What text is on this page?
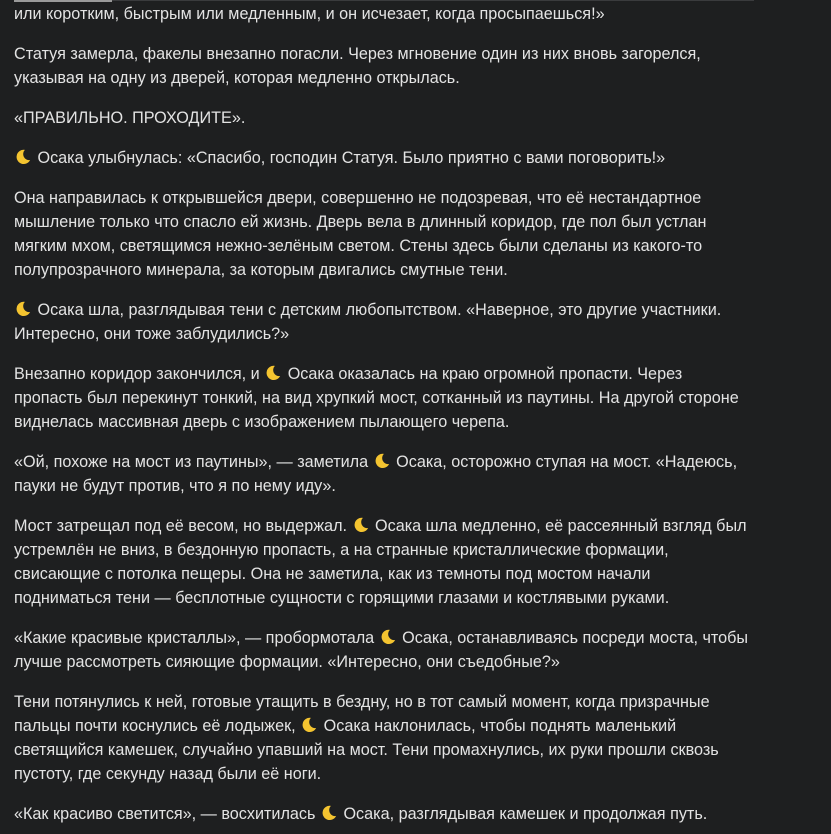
или коротким, быстрым или медленным, и он исчезает, когда просыпаешься!»

Статуя замерла, факелы внезапно погасли. Через мгновение один из них вновь загорелся,
указывая на одну из дверей, которая медленно открылась.

«ПРАВИЛЬНО. ПРОХОДИТЕ».

Осака улыбнулась: «Спасибо, господин Статуя. Было приятно с вами поговорить!»

Она направилась к открывшейся двери, совершенно не подозревая, что её нестандартное
мышление только что спасло ей жизнь. Дверь вела в длинный коридор, где пол был устлан
мягким мхом, светящимся нежно-зелёным светом. Стены здесь были сделаны из какого-то
полупрозрачного минерала, за которым двигались смутные тени.

Осака шла, разглядывая тени с детским любопытством. «Наверное, это другие участники.
Интересно, они тоже заблудились?»

Внезапно коридор закончился, и  Осака оказалась на краю огромной пропасти. Через
пропасть был перекинут тонкий, на вид хрупкий мост, сотканный из паутины. На другой стороне
виднелась массивная дверь с изображением пылающего черепа.

«Ой, похоже на мост из паутины», — заметила  Осака, осторожно ступая на мост. «Надеюсь,
пауки не будут против, что я по нему иду».

Мост затрещал под её весом, но выдержал.  Осака шла медленно, её рассеянный взгляд был
устремлён не вниз, в бездонную пропасть, а на странные кристаллические формации,
свисающие с потолка пещеры. Она не заметила, как из темноты под мостом начали
подниматься тени — бесплотные сущности с горящими глазами и костлявыми руками.

«Какие красивые кристаллы», — пробормотала  Осака, останавливаясь посреди моста, чтобы
лучше рассмотреть сияющие формации. «Интересно, они съедобные?»

Тени потянулись к ней, готовые утащить в бездну, но в тот самый момент, когда призрачные
пальцы почти коснулись её лодыжек,  Осака наклонилась, чтобы поднять маленький
светящийся камешек, случайно упавший на мост. Тени промахнулись, их руки прошли сквозь
пустоту, где секунду назад были её ноги.

«Как красиво светится», — восхитилась  Осака, разглядывая камешек и продолжая путь.
